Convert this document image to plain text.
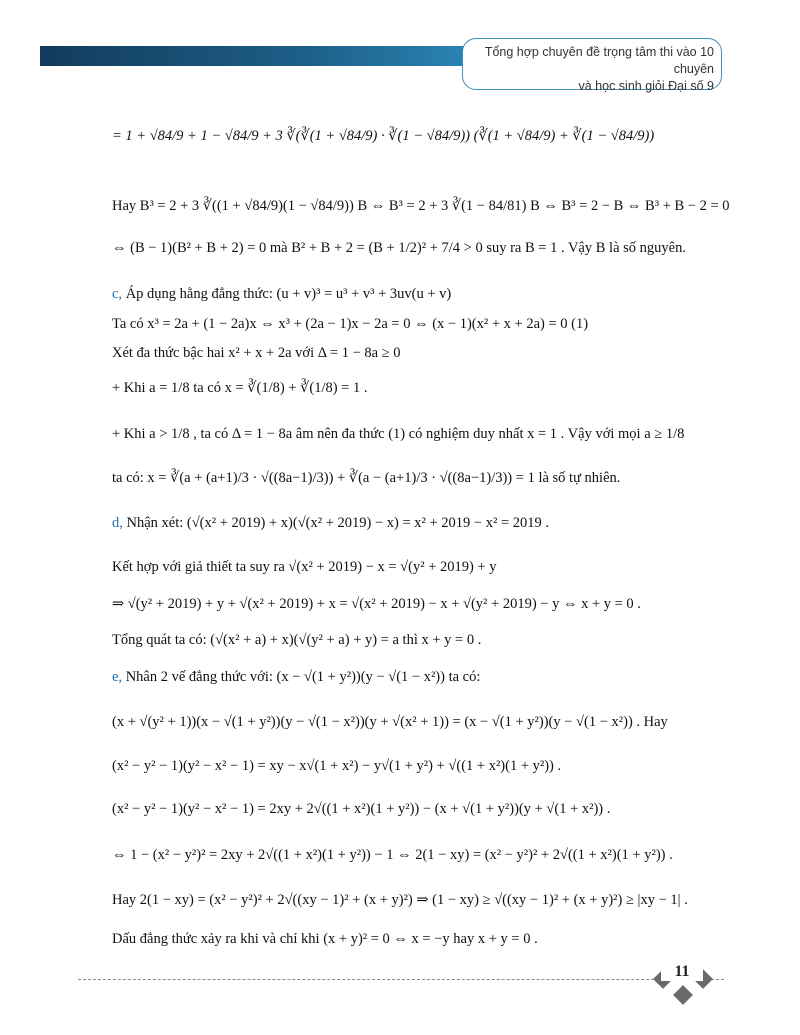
Tổng hợp chuyên đề trọng tâm thi vào 10 chuyên
và học sinh giỏi Đại số 9
= 1 + √84/9 + 1 − √84/9 + 3 ∛(∛(1 + √84/9) · ∛(1 − √84/9)) (∛(1 + √84/9) + ∛(1 − √84/9))
Hay B³ = 2 + 3 ∛((1 + √84/9)(1 − √84/9)) B ⇔ B³ = 2 + 3 ∛(1 − 84/81) B ⇔ B³ = 2 − B ⇔ B³ + B − 2 = 0
⇔ (B − 1)(B² + B + 2) = 0 mà B² + B + 2 = (B + 1/2)² + 7/4 > 0 suy ra B = 1 . Vậy B là số nguyên.
c, Áp dụng hằng đẳng thức: (u + v)³ = u³ + v³ + 3uv(u + v)
Ta có x³ = 2a + (1 − 2a)x ⇔ x³ + (2a − 1)x − 2a = 0 ⇔ (x − 1)(x² + x + 2a) = 0 (1)
Xét đa thức bậc hai x² + x + 2a với Δ = 1 − 8a ≥ 0
+ Khi a = 1/8 ta có x = ∛(1/8) + ∛(1/8) = 1 .
+ Khi a > 1/8 , ta có Δ = 1 − 8a âm nên đa thức (1) có nghiệm duy nhất x = 1 . Vậy với mọi a ≥ 1/8
ta có: x = ∛(a + (a+1)/3 · √((8a−1)/3)) + ∛(a − (a+1)/3 · √((8a−1)/3)) = 1 là số tự nhiên.
d, Nhận xét: (√(x² + 2019) + x)(√(x² + 2019) − x) = x² + 2019 − x² = 2019 .
Kết hợp với giả thiết ta suy ra √(x² + 2019) − x = √(y² + 2019) + y
⇒ √(y² + 2019) + y + √(x² + 2019) + x = √(x² + 2019) − x + √(y² + 2019) − y ⇔ x + y = 0 .
Tổng quát ta có: (√(x² + a) + x)(√(y² + a) + y) = a thì x + y = 0 .
e, Nhân 2 vế đẳng thức với: (x − √(1 + y²))(y − √(1 − x²)) ta có:
(x + √(y² + 1))(x − √(1 + y²))(y − √(1 − x²))(y + √(x² + 1)) = (x − √(1 + y²))(y − √(1 − x²)) . Hay
(x² − y² − 1)(y² − x² − 1) = xy − x√(1 + x²) − y√(1 + y²) + √((1 + x²)(1 + y²)) .
(x² − y² − 1)(y² − x² − 1) = 2xy + 2√((1 + x²)(1 + y²)) − (x + √(1 + y²))(y + √(1 + x²)) .
⇔ 1 − (x² − y²)² = 2xy + 2√((1 + x²)(1 + y²)) − 1 ⇔ 2(1 − xy) = (x² − y²)² + 2√((1 + x²)(1 + y²)) .
Hay 2(1 − xy) = (x² − y²)² + 2√((xy − 1)² + (x + y)²) ⇒ (1 − xy) ≥ √((xy − 1)² + (x + y)²) ≥ |xy − 1| .
Dấu đẳng thức xảy ra khi và chỉ khi (x + y)² = 0 ⇔ x = −y hay x + y = 0 .
11
